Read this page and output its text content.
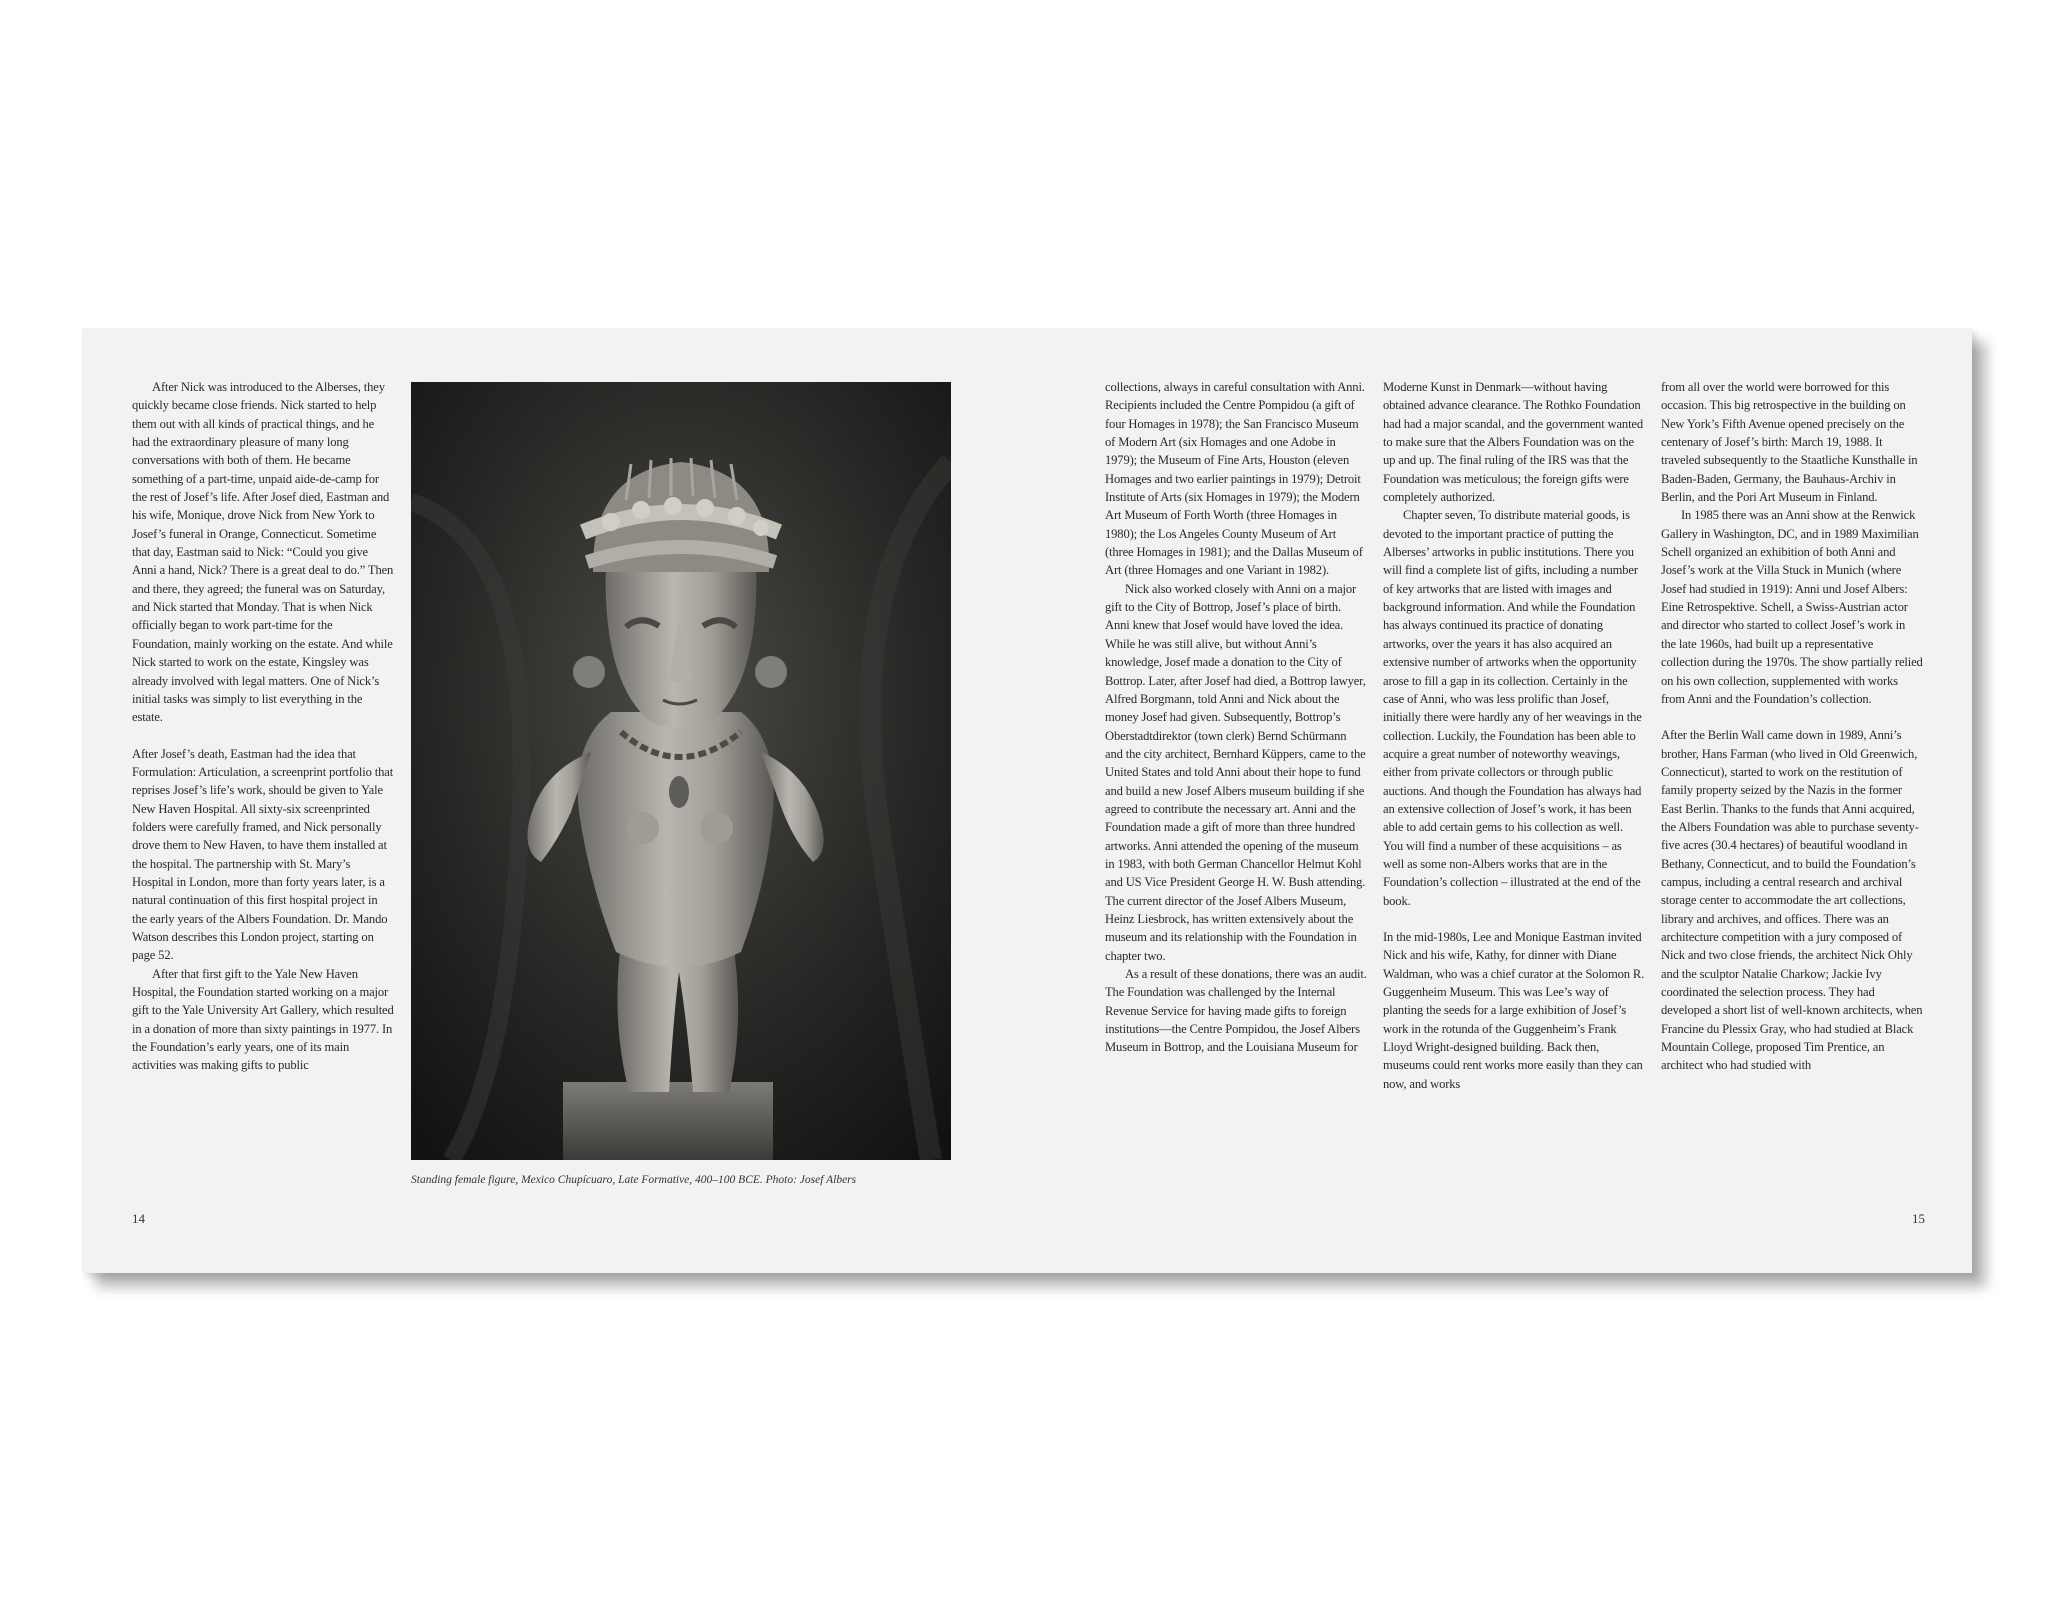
After Nick was introduced to the Alberses, they quickly became close friends. Nick started to help them out with all kinds of practical things, and he had the extraordinary pleasure of many long conversations with both of them. He became something of a part-time, unpaid aide-de-camp for the rest of Josef’s life. After Josef died, Eastman and his wife, Monique, drove Nick from New York to Josef’s funeral in Orange, Connecticut. Sometime that day, Eastman said to Nick: “Could you give Anni a hand, Nick? There is a great deal to do.” Then and there, they agreed; the funeral was on Saturday, and Nick started that Monday. That is when Nick officially began to work part-time for the Foundation, mainly working on the estate. And while Nick started to work on the estate, Kingsley was already involved with legal matters. One of Nick’s initial tasks was simply to list everything in the estate.

After Josef’s death, Eastman had the idea that Formulation: Articulation, a screenprint portfolio that reprises Josef’s life’s work, should be given to Yale New Haven Hospital. All sixty-six screenprinted folders were carefully framed, and Nick personally drove them to New Haven, to have them installed at the hospital. The partnership with St. Mary’s Hospital in London, more than forty years later, is a natural continuation of this first hospital project in the early years of the Albers Foundation. Dr. Mando Watson describes this London project, starting on page 52.

After that first gift to the Yale New Haven Hospital, the Foundation started working on a major gift to the Yale University Art Gallery, which resulted in a donation of more than sixty paintings in 1977. In the Foundation’s early years, one of its main activities was making gifts to public

Standing female figure, Mexico Chupícuaro, Late Formative, 400–100 BCE. Photo: Josef Albers

collections, always in careful consultation with Anni. Recipients included the Centre Pompidou (a gift of four Homages in 1978); the San Francisco Museum of Modern Art (six Homages and one Adobe in 1979); the Museum of Fine Arts, Houston (eleven Homages and two earlier paintings in 1979); Detroit Institute of Arts (six Homages in 1979); the Modern Art Museum of Forth Worth (three Homages in 1980); the Los Angeles County Museum of Art (three Homages in 1981); and the Dallas Museum of Art (three Homages and one Variant in 1982).

Nick also worked closely with Anni on a major gift to the City of Bottrop, Josef’s place of birth. Anni knew that Josef would have loved the idea. While he was still alive, but without Anni’s knowledge, Josef made a donation to the City of Bottrop. Later, after Josef had died, a Bottrop lawyer, Alfred Borgmann, told Anni and Nick about the money Josef had given. Subsequently, Bottrop’s Oberstadtdirektor (town clerk) Bernd Schürmann and the city architect, Bernhard Küppers, came to the United States and told Anni about their hope to fund and build a new Josef Albers museum building if she agreed to contribute the necessary art. Anni and the Foundation made a gift of more than three hundred artworks. Anni attended the opening of the museum in 1983, with both German Chancellor Helmut Kohl and US Vice President George H. W. Bush attending. The current director of the Josef Albers Museum, Heinz Liesbrock, has written extensively about the museum and its relationship with the Foundation in chapter two.

As a result of these donations, there was an audit. The Foundation was challenged by the Internal Revenue Service for having made gifts to foreign institutions—the Centre Pompidou, the Josef Albers Museum in Bottrop, and the Louisiana Museum for

Moderne Kunst in Denmark—without having obtained advance clearance. The Rothko Foundation had had a major scandal, and the government wanted to make sure that the Albers Foundation was on the up and up. The final ruling of the IRS was that the Foundation was meticulous; the foreign gifts were completely authorized.

Chapter seven, To distribute material goods, is devoted to the important practice of putting the Alberses’ artworks in public institutions. There you will find a complete list of gifts, including a number of key artworks that are listed with images and background information. And while the Foundation has always continued its practice of donating artworks, over the years it has also acquired an extensive number of artworks when the opportunity arose to fill a gap in its collection. Certainly in the case of Anni, who was less prolific than Josef, initially there were hardly any of her weavings in the collection. Luckily, the Foundation has been able to acquire a great number of noteworthy weavings, either from private collectors or through public auctions. And though the Foundation has always had an extensive collection of Josef’s work, it has been able to add certain gems to his collection as well. You will find a number of these acquisitions – as well as some non-Albers works that are in the Foundation’s collection – illustrated at the end of the book.

In the mid-1980s, Lee and Monique Eastman invited Nick and his wife, Kathy, for dinner with Diane Waldman, who was a chief curator at the Solomon R. Guggenheim Museum. This was Lee’s way of planting the seeds for a large exhibition of Josef’s work in the rotunda of the Guggenheim’s Frank Lloyd Wright-designed building. Back then, museums could rent works more easily than they can now, and works

from all over the world were borrowed for this occasion. This big retrospective in the building on New York’s Fifth Avenue opened precisely on the centenary of Josef’s birth: March 19, 1988. It traveled subsequently to the Staatliche Kunsthalle in Baden-Baden, Germany, the Bauhaus-Archiv in Berlin, and the Pori Art Museum in Finland.

In 1985 there was an Anni show at the Renwick Gallery in Washington, DC, and in 1989 Maximilian Schell organized an exhibition of both Anni and Josef’s work at the Villa Stuck in Munich (where Josef had studied in 1919): Anni und Josef Albers: Eine Retrospektive. Schell, a Swiss-Austrian actor and director who started to collect Josef’s work in the late 1960s, had built up a representative collection during the 1970s. The show partially relied on his own collection, supplemented with works from Anni and the Foundation’s collection.

After the Berlin Wall came down in 1989, Anni’s brother, Hans Farman (who lived in Old Greenwich, Connecticut), started to work on the restitution of family property seized by the Nazis in the former East Berlin. Thanks to the funds that Anni acquired, the Albers Foundation was able to purchase seventy-five acres (30.4 hectares) of beautiful woodland in Bethany, Connecticut, and to build the Foundation’s campus, including a central research and archival storage center to accommodate the art collections, library and archives, and offices. There was an architecture competition with a jury composed of Nick and two close friends, the architect Nick Ohly and the sculptor Natalie Charkow; Jackie Ivy coordinated the selection process. They had developed a short list of well-known architects, when Francine du Plessix Gray, who had studied at Black Mountain College, proposed Tim Prentice, an architect who had studied with

14	15
